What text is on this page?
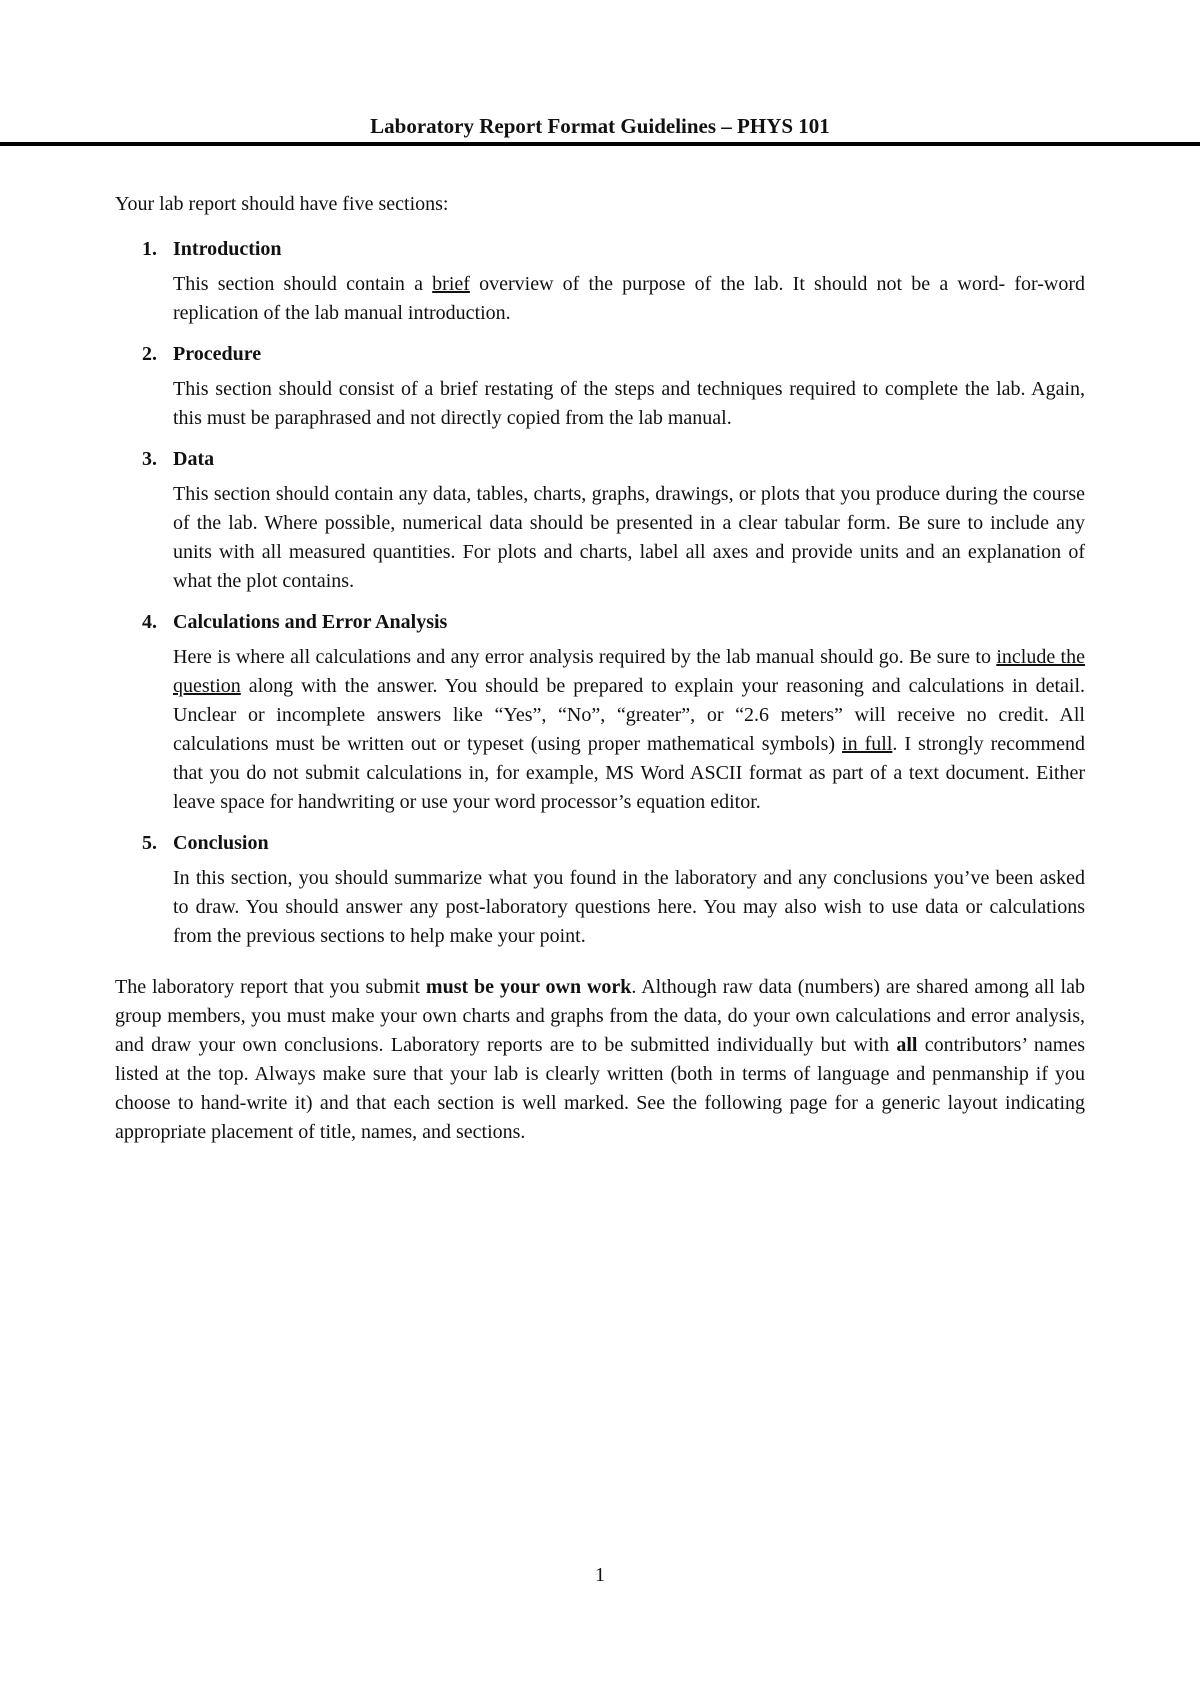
Laboratory Report Format Guidelines – PHYS 101

Your lab report should have five sections:

1. Introduction

This section should contain a brief overview of the purpose of the lab. It should not be a word- for-word replication of the lab manual introduction.

2. Procedure

This section should consist of a brief restating of the steps and techniques required to complete the lab. Again, this must be paraphrased and not directly copied from the lab manual.

3. Data

This section should contain any data, tables, charts, graphs, drawings, or plots that you produce during the course of the lab. Where possible, numerical data should be presented in a clear tabular form. Be sure to include any units with all measured quantities. For plots and charts, label all axes and provide units and an explanation of what the plot contains.

4. Calculations and Error Analysis

Here is where all calculations and any error analysis required by the lab manual should go. Be sure to include the question along with the answer. You should be prepared to explain your reasoning and calculations in detail. Unclear or incomplete answers like “Yes”, “No”, “greater”, or “2.6 meters” will receive no credit. All calculations must be written out or typeset (using proper mathematical symbols) in full. I strongly recommend that you do not submit calculations in, for example, MS Word ASCII format as part of a text document. Either leave space for handwriting or use your word processor’s equation editor.

5. Conclusion

In this section, you should summarize what you found in the laboratory and any conclusions you’ve been asked to draw. You should answer any post-laboratory questions here. You may also wish to use data or calculations from the previous sections to help make your point.

The laboratory report that you submit must be your own work. Although raw data (numbers) are shared among all lab group members, you must make your own charts and graphs from the data, do your own calculations and error analysis, and draw your own conclusions. Laboratory reports are to be submitted individually but with all contributors’ names listed at the top. Always make sure that your lab is clearly written (both in terms of language and penmanship if you choose to hand-write it) and that each section is well marked. See the following page for a generic layout indicating appropriate placement of title, names, and sections.

1
